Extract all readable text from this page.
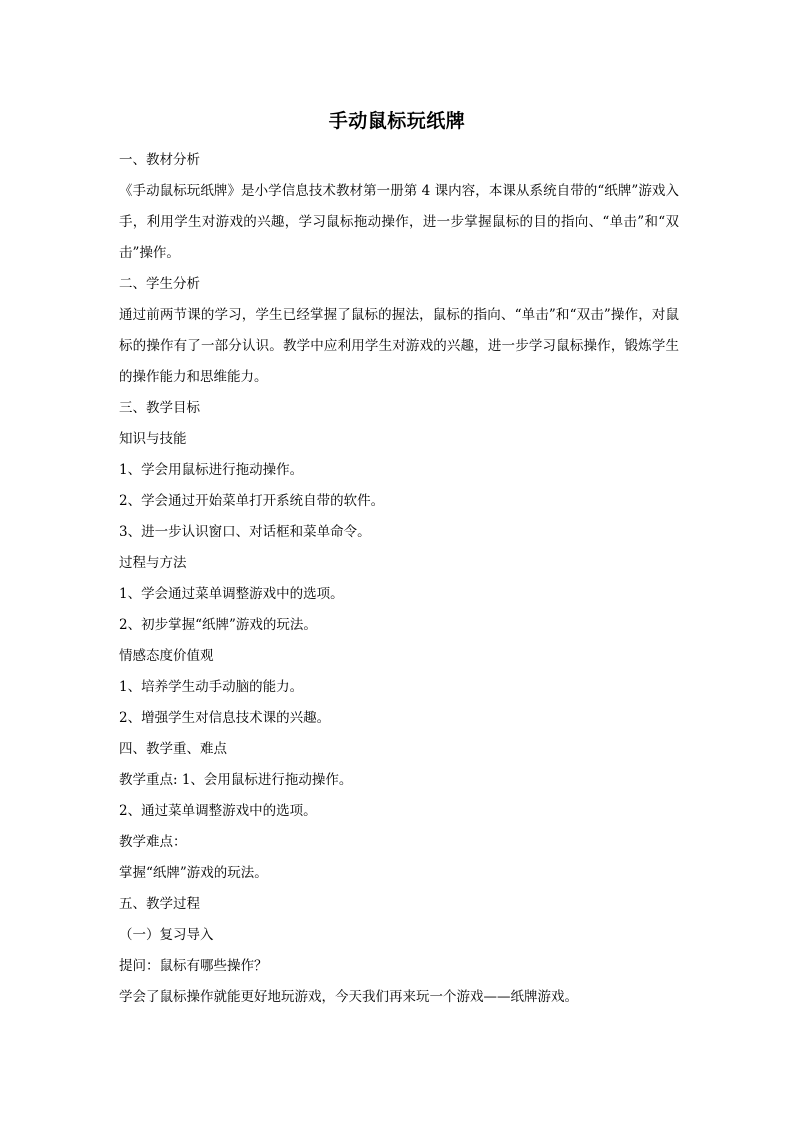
手动鼠标玩纸牌
一、教材分析
《手动鼠标玩纸牌》是小学信息技术教材第一册第 4 课内容，本课从系统自带的“纸牌”游戏入手，利用学生对游戏的兴趣，学习鼠标拖动操作，进一步掌握鼠标的目的指向、“单击”和“双击”操作。
二、学生分析
通过前两节课的学习，学生已经掌握了鼠标的握法，鼠标的指向、“单击”和“双击”操作，对鼠标的操作有了一部分认识。教学中应利用学生对游戏的兴趣，进一步学习鼠标操作，锻炼学生的操作能力和思维能力。
三、教学目标
知识与技能
1、学会用鼠标进行拖动操作。
2、学会通过开始菜单打开系统自带的软件。
3、进一步认识窗口、对话框和菜单命令。
过程与方法
1、学会通过菜单调整游戏中的选项。
2、初步掌握“纸牌”游戏的玩法。
情感态度价值观
1、培养学生动手动脑的能力。
2、增强学生对信息技术课的兴趣。
四、教学重、难点
教学重点: 1、会用鼠标进行拖动操作。
2、通过菜单调整游戏中的选项。
教学难点：
掌握“纸牌”游戏的玩法。
五、教学过程
（一）复习导入
提问：鼠标有哪些操作？
学会了鼠标操作就能更好地玩游戏，今天我们再来玩一个游戏——纸牌游戏。
